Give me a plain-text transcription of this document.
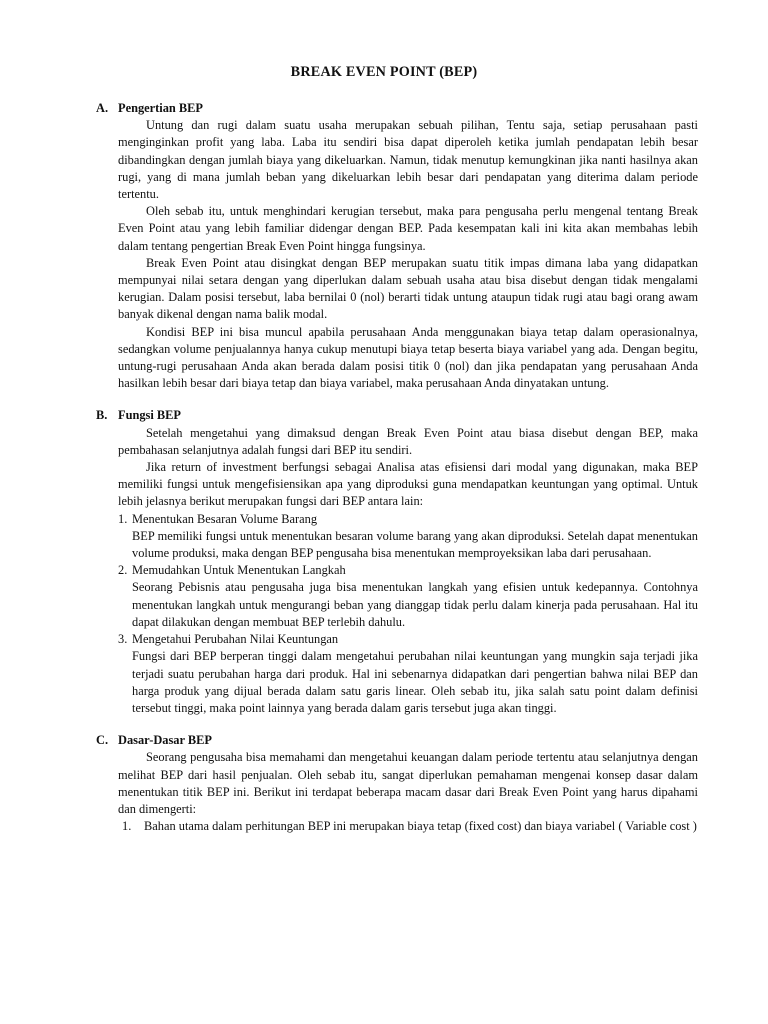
BREAK EVEN POINT (BEP)
A. Pengertian BEP

Untung dan rugi dalam suatu usaha merupakan sebuah pilihan, Tentu saja, setiap perusahaan pasti menginginkan profit yang laba. Laba itu sendiri bisa dapat diperoleh ketika jumlah pendapatan lebih besar dibandingkan dengan jumlah biaya yang dikeluarkan. Namun, tidak menutup kemungkinan jika nanti hasilnya akan rugi, yang di mana jumlah beban yang dikeluarkan lebih besar dari pendapatan yang diterima dalam periode tertentu.

Oleh sebab itu, untuk menghindari kerugian tersebut, maka para pengusaha perlu mengenal tentang Break Even Point atau yang lebih familiar didengar dengan BEP. Pada kesempatan kali ini kita akan membahas lebih dalam tentang pengertian Break Even Point hingga fungsinya.

Break Even Point atau disingkat dengan BEP merupakan suatu titik impas dimana laba yang didapatkan mempunyai nilai setara dengan yang diperlukan dalam sebuah usaha atau bisa disebut dengan tidak mengalami kerugian. Dalam posisi tersebut, laba bernilai 0 (nol) berarti tidak untung ataupun tidak rugi atau bagi orang awam banyak dikenal dengan nama balik modal.

Kondisi BEP ini bisa muncul apabila perusahaan Anda menggunakan biaya tetap dalam operasionalnya, sedangkan volume penjualannya hanya cukup menutupi biaya tetap beserta biaya variabel yang ada. Dengan begitu, untung-rugi perusahaan Anda akan berada dalam posisi titik 0 (nol) dan jika pendapatan yang perusahaan Anda hasilkan lebih besar dari biaya tetap dan biaya variabel, maka perusahaan Anda dinyatakan untung.

B. Fungsi BEP

Setelah mengetahui yang dimaksud dengan Break Even Point atau biasa disebut dengan BEP, maka pembahasan selanjutnya adalah fungsi dari BEP itu sendiri.

Jika return of investment berfungsi sebagai Analisa atas efisiensi dari modal yang digunakan, maka BEP memiliki fungsi untuk mengefisiensikan apa yang diproduksi guna mendapatkan keuntungan yang optimal. Untuk lebih jelasnya berikut merupakan fungsi dari BEP antara lain:

1. Menentukan Besaran Volume Barang
BEP memiliki fungsi untuk menentukan besaran volume barang yang akan diproduksi. Setelah dapat menentukan volume produksi, maka dengan BEP pengusaha bisa menentukan memproyeksikan laba dari perusahaan.
2. Memudahkan Untuk Menentukan Langkah
Seorang Pebisnis atau pengusaha juga bisa menentukan langkah yang efisien untuk kedepannya. Contohnya menentukan langkah untuk mengurangi beban yang dianggap tidak perlu dalam kinerja pada perusahaan. Hal itu dapat dilakukan dengan membuat BEP terlebih dahulu.
3. Mengetahui Perubahan Nilai Keuntungan
Fungsi dari BEP berperan tinggi dalam mengetahui perubahan nilai keuntungan yang mungkin saja terjadi jika terjadi suatu perubahan harga dari produk. Hal ini sebenarnya didapatkan dari pengertian bahwa nilai BEP dan harga produk yang dijual berada dalam satu garis linear. Oleh sebab itu, jika salah satu point dalam definisi tersebut tinggi, maka point lainnya yang berada dalam garis tersebut juga akan tinggi.
C. Dasar-Dasar BEP

Seorang pengusaha bisa memahami dan mengetahui keuangan dalam periode tertentu atau selanjutnya dengan melihat BEP dari hasil penjualan. Oleh sebab itu, sangat diperlukan pemahaman mengenai konsep dasar dalam menentukan titik BEP ini. Berikut ini terdapat beberapa macam dasar dari Break Even Point yang harus dipahami dan dimengerti:

1. Bahan utama dalam perhitungan BEP ini merupakan biaya tetap (fixed cost) dan biaya variabel ( Variable cost )
